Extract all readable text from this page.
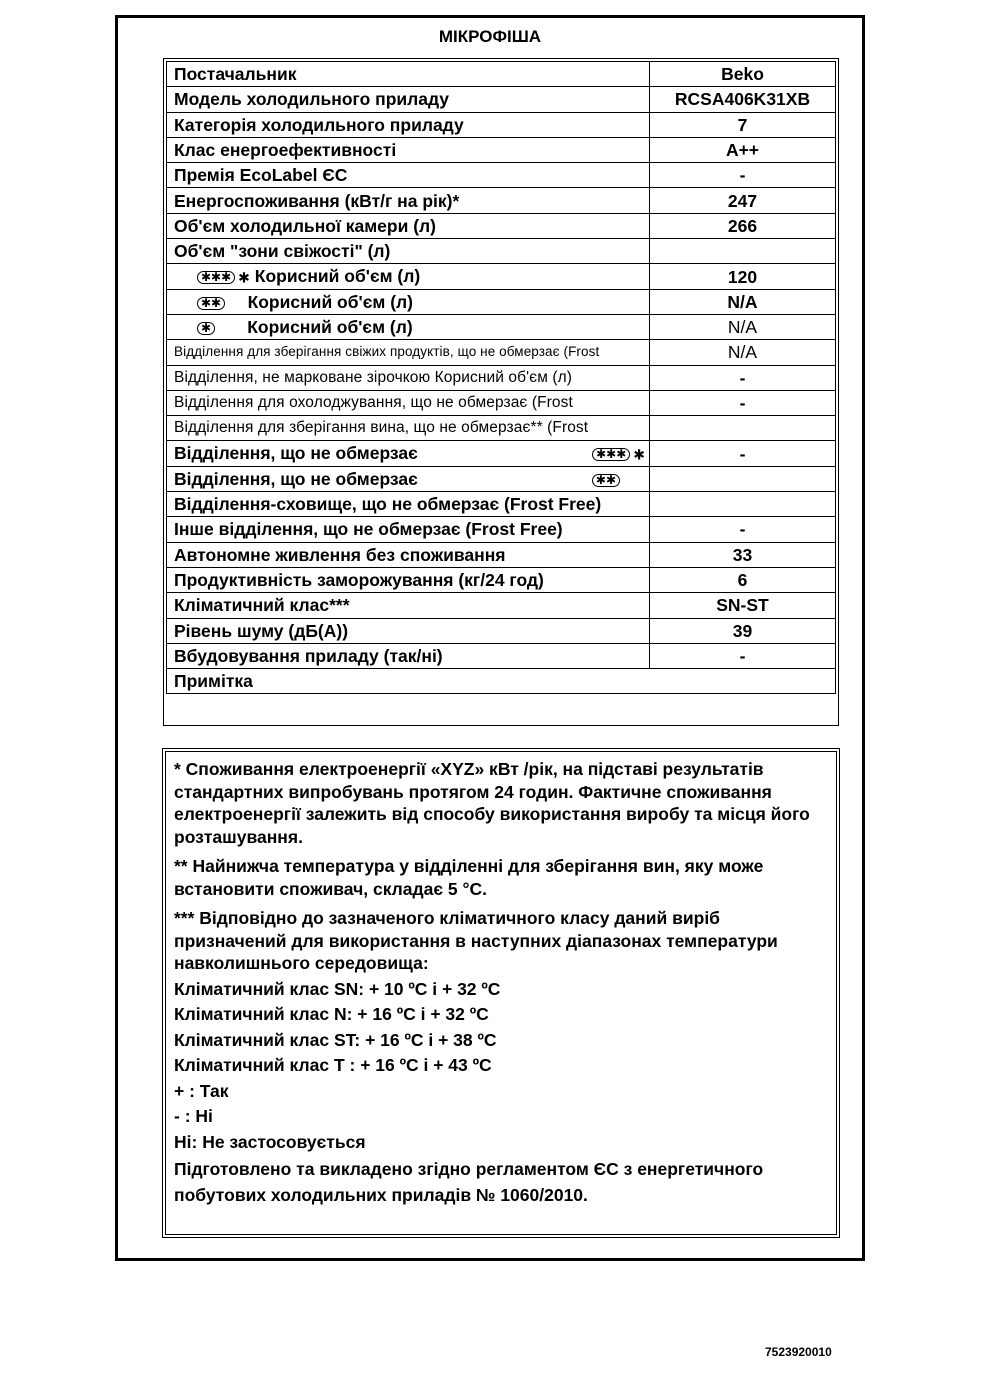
МІКРОФІША
Постачальник	Beko
Модель холодильного приладу	RCSA406K31XB
Категорія холодильного приладу	7
Клас енергоефективності	A++
Премія EcoLabel ЄС	-
Енергоспоживання (кВт/г на рік)*	247
Об'єм холодильної камери (л)	266
Об'єм "зони свіжості" (л)	
✱✱✱ ✱ Корисний об'єм (л)	120
✱✱ Корисний об'єм (л)	N/A
✱ Корисний об'єм (л)	N/A
Відділення для зберігання свіжих продуктів, що не обмерзає (Frost	N/A
Відділення, не марковане зірочкою Корисний об'єм (л)	-
Відділення для охолоджування, що не обмерзає (Frost	-
Відділення для зберігання вина, що не обмерзає** (Frost	
Відділення, що не обмерзає ✱✱✱ ✱	-
Відділення, що не обмерзає ✱✱	

Відділення-сховище, що не обмерзає (Frost Free)	
Інше відділення, що не обмерзає (Frost Free)	-
Автономне живлення без споживання	33
Продуктивність заморожування (кг/24 год)	6
Кліматичний клас***	SN-ST
Рівень шуму (дБ(А))	39
Вбудовування приладу (так/ні)	-
Примітка	

* Споживання електроенергії «XYZ» кВт /рік, на підставі результатів стандартних випробувань протягом 24 годин. Фактичне споживання електроенергії залежить від способу використання виробу та місця його розташування.

** Найнижча температура у відділенні для зберігання вин, яку може встановити споживач, складає 5 °С.

*** Відповідно до зазначеного кліматичного класу даний виріб призначений для використання в наступних діапазонах температури навколишнього середовища:

Кліматичний клас SN: + 10 ºC і + 32 ºC
Кліматичний клас N: + 16 ºC і + 32 ºC
Кліматичний клас ST: + 16 ºC і + 38 ºC
Кліматичний клас T : + 16 ºC і + 43 ºC
+ : Так
- : Ні
Ні: Не застосовується
Підготовлено та викладено згідно регламентом ЄС з енергетичного побутових холодильних приладів № 1060/2010.
7523920010
